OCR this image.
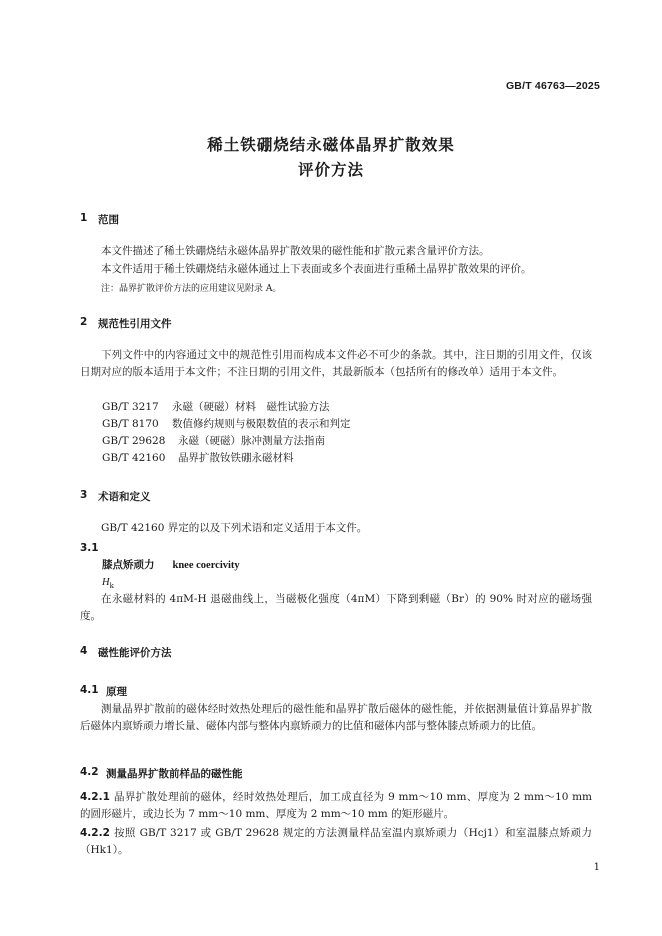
GB/T 46763—2025
稀土铁硼烧结永磁体晶界扩散效果
评价方法
1 范围
本文件描述了稀土铁硼烧结永磁体晶界扩散效果的磁性能和扩散元素含量评价方法。
本文件适用于稀土铁硼烧结永磁体通过上下表面或多个表面进行重稀土晶界扩散效果的评价。
注：晶界扩散评价方法的应用建议见附录 A。
2 规范性引用文件
下列文件中的内容通过文中的规范性引用而构成本文件必不可少的条款。其中，注日期的引用文件，仅该日期对应的版本适用于本文件；不注日期的引用文件，其最新版本（包括所有的修改单）适用于本文件。
GB/T 3217 永磁（硬磁）材料　磁性试验方法
GB/T 8170 数值修约规则与极限数值的表示和判定
GB/T 29628 永磁（硬磁）脉冲测量方法指南
GB/T 42160 晶界扩散钕铁硼永磁材料
3 术语和定义
GB/T 42160 界定的以及下列术语和定义适用于本文件。
3.1
膝点矫顽力 knee coercivity
$H_k$
在永磁材料的 4πM-H 退磁曲线上，当磁极化强度（4πM）下降到剩磁（Br）的 90% 时对应的磁场强度。
4 磁性能评价方法
4.1 原理
测量晶界扩散前的磁体经时效热处理后的磁性能和晶界扩散后磁体的磁性能，并依据测量值计算晶界扩散后磁体内禀矫顽力增长量、磁体内部与整体内禀矫顽力的比值和磁体内部与整体膝点矫顽力的比值。
4.2 测量晶界扩散前样品的磁性能
4.2.1 晶界扩散处理前的磁体，经时效热处理后，加工成直径为 9 mm～10 mm、厚度为 2 mm～10 mm 的圆形磁片，或边长为 7 mm～10 mm、厚度为 2 mm～10 mm 的矩形磁片。
4.2.2 按照 GB/T 3217 或 GB/T 29628 规定的方法测量样品室温内禀矫顽力（Hcj1）和室温膝点矫顽力（Hk1）。
1
